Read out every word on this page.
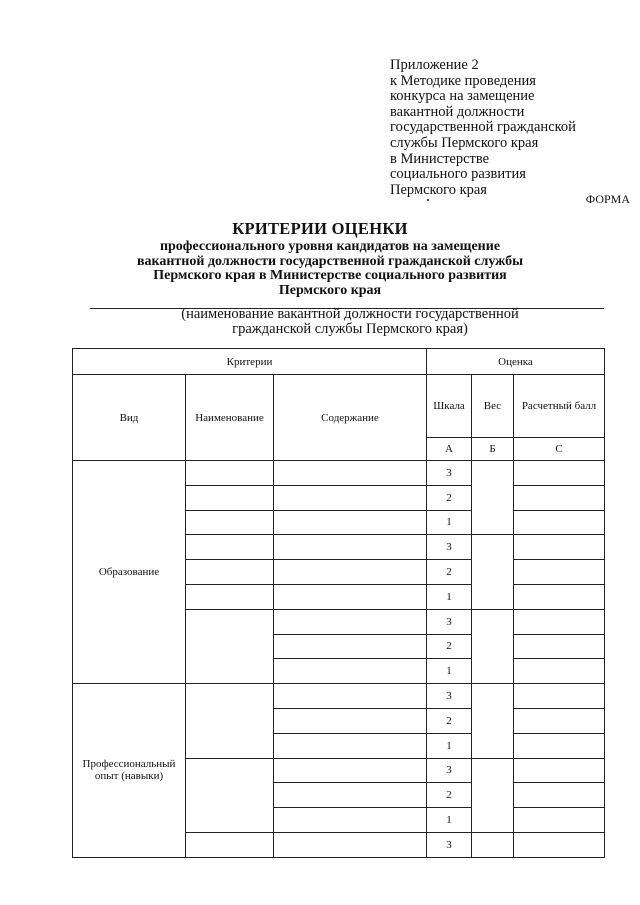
Приложение 2
к Методике проведения
конкурса на замещение
вакантной должности
государственной гражданской
службы Пермского края
в Министерстве
социального развития
Пермского края
ФОРМА
КРИТЕРИИ ОЦЕНКИ
профессионального уровня кандидатов на замещение
вакантной должности государственной гражданской службы
Пермского края в Министерстве социального развития
Пермского края
(наименование вакантной должности государственной
гражданской службы Пермского края)
Критерии			Оценка		
Вид	Наименование	Содержание	Шкала	Вес	Расчетный балл
			А	Б	С
Образование			3		
			2		
			1		
			3		
			2		
			1		
			3		
			2		
			1		
Профессиональный опыт (навыки)			3		
			2		
			1		
			3		
			2		
			1		
			3		
